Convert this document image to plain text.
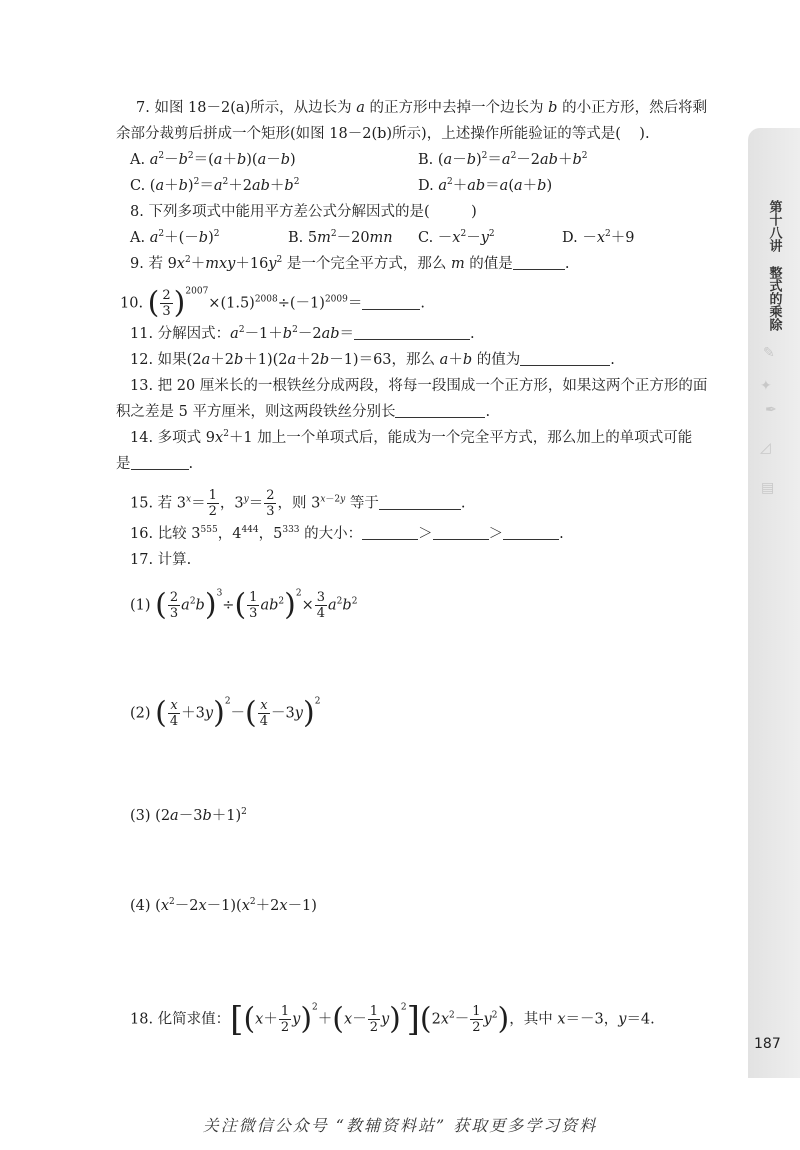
第十八讲
整式的乘除
✎
✦
✒
◿
▤
187
7. 如图 18－2(a)所示，从边长为 a 的正方形中去掉一个边长为 b 的小正方形，然后将剩
余部分裁剪后拼成一个矩形(如图 18－2(b)所示)，上述操作所能验证的等式是( ).
A. $a^2-b^2=(a+b)(a-b)$	B. $(a-b)^2=a^2-2ab+b^2$
C. $(a+b)^2=a^2+2ab+b^2$	D. $a^2+ab=a(a+b)$
8. 下列多项式中能用平方差公式分解因式的是(	)
A. $a^2+(-b)^2$	B. $5m^2-20mn$ C. $-x^2-y^2$	D. $-x^2+9$
9. 若 $9x^2+mxy+16y^2$ 是一个完全平方式，那么 m 的值是	.
10. ( $\frac{2}{3} )^{2007}\times(1.5)^{2008}\div(-1)^{2009}=$	.
11. 分解因式：$a^2-1+b^2-2ab=$	.
12. 如果(2a＋2b＋1)(2a＋2b－1)＝63，那么 a＋b 的值为	.
13. 把 20 厘米长的一根铁丝分成两段，将每一段围成一个正方形，如果这两个正方形的面
积之差是 5 平方厘米，则这两段铁丝分别长	.
14. 多项式 $9x^2+1$ 加上一个单项式后，能成为一个完全平方式，那么加上的单项式可能
是	.
15. 若 $3^x= \frac{1}{2}$ ，$3^y= \frac{2}{3}$ ，则 $3^{x-2y}$ 等于	.
16. 比较 $3^{555}$，$4^{444}$，$5^{333}$ 的大小：	＞	＞	.
17. 计算.
(1) ( $\frac{2}{3} a^2b)^3\div( \frac{1}{3} ab^2)^2\times \frac{3}{4} a^2b^2$
(2) ( $\frac{x}{4} +3y)^2-( \frac{x}{4} -3y)^2$
(3) $(2a-3b+1)^2$
(4) $(x^2-2x-1)(x^2+2x-1)$
18. 化简求值：$[(x+ \frac{1}{2} y)^2+(x- \frac{1}{2} y)^2](2x^2- \frac{1}{2} y^2)$，其中 x＝－3，y＝4.
关注微信公众号 “教辅资料站” 获取更多学习资料
